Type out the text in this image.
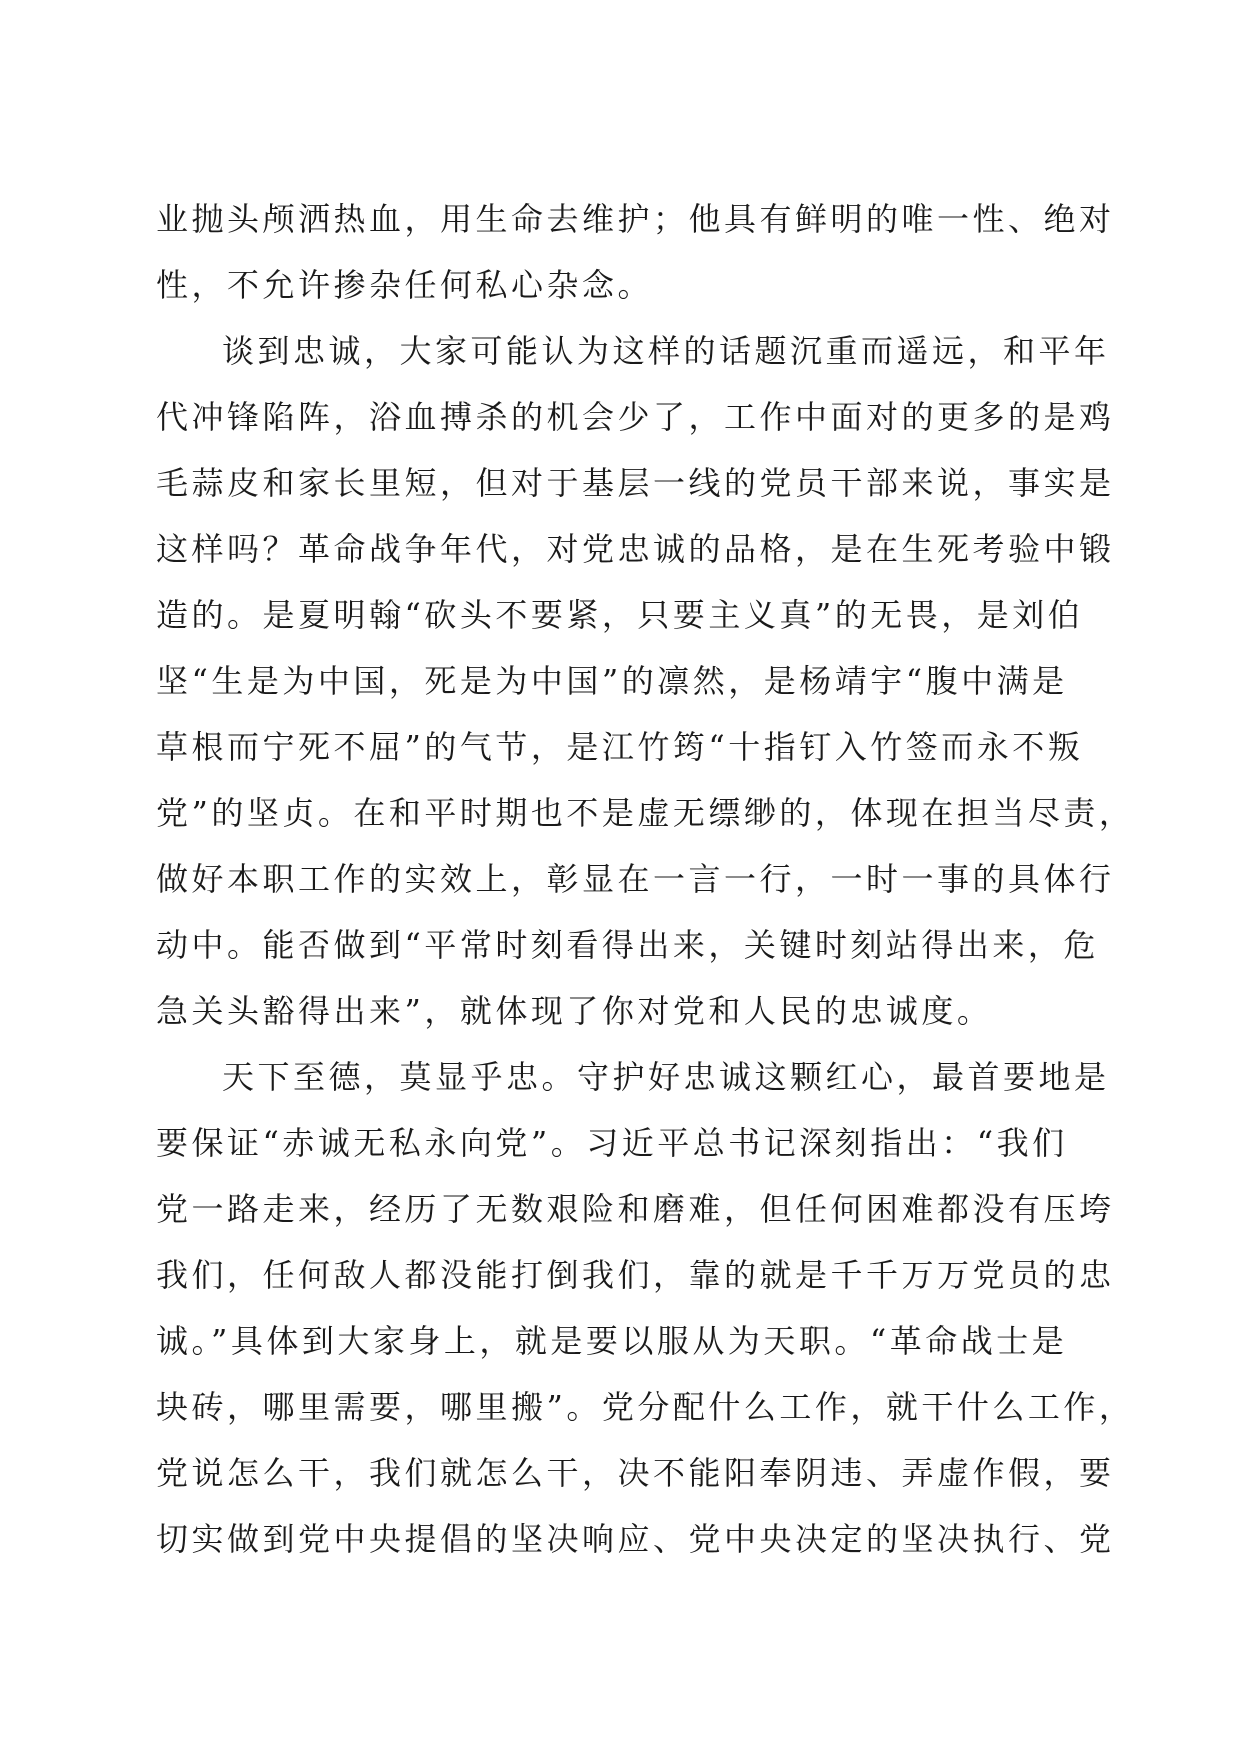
业抛头颅洒热血，用生命去维护；他具有鲜明的唯一性、绝对
性，不允许掺杂任何私心杂念。
谈到忠诚，大家可能认为这样的话题沉重而遥远，和平年
代冲锋陷阵，浴血搏杀的机会少了，工作中面对的更多的是鸡
毛蒜皮和家长里短，但对于基层一线的党员干部来说，事实是
这样吗？革命战争年代，对党忠诚的品格，是在生死考验中锻
造的。是夏明翰“砍头不要紧，只要主义真”的无畏，是刘伯
坚“生是为中国，死是为中国”的凛然，是杨靖宇“腹中满是
草根而宁死不屈”的气节，是江竹筠“十指钉入竹签而永不叛
党”的坚贞。在和平时期也不是虚无缥缈的，体现在担当尽责，
做好本职工作的实效上，彰显在一言一行，一时一事的具体行
动中。能否做到“平常时刻看得出来，关键时刻站得出来，危
急关头豁得出来”，就体现了你对党和人民的忠诚度。
天下至德，莫显乎忠。守护好忠诚这颗红心，最首要地是
要保证“赤诚无私永向党”。习近平总书记深刻指出：“我们
党一路走来，经历了无数艰险和磨难，但任何困难都没有压垮
我们，任何敌人都没能打倒我们，靠的就是千千万万党员的忠
诚。”具体到大家身上，就是要以服从为天职。“革命战士是
块砖，哪里需要，哪里搬”。党分配什么工作，就干什么工作，
党说怎么干，我们就怎么干，决不能阳奉阴违、弄虚作假，要
切实做到党中央提倡的坚决响应、党中央决定的坚决执行、党
